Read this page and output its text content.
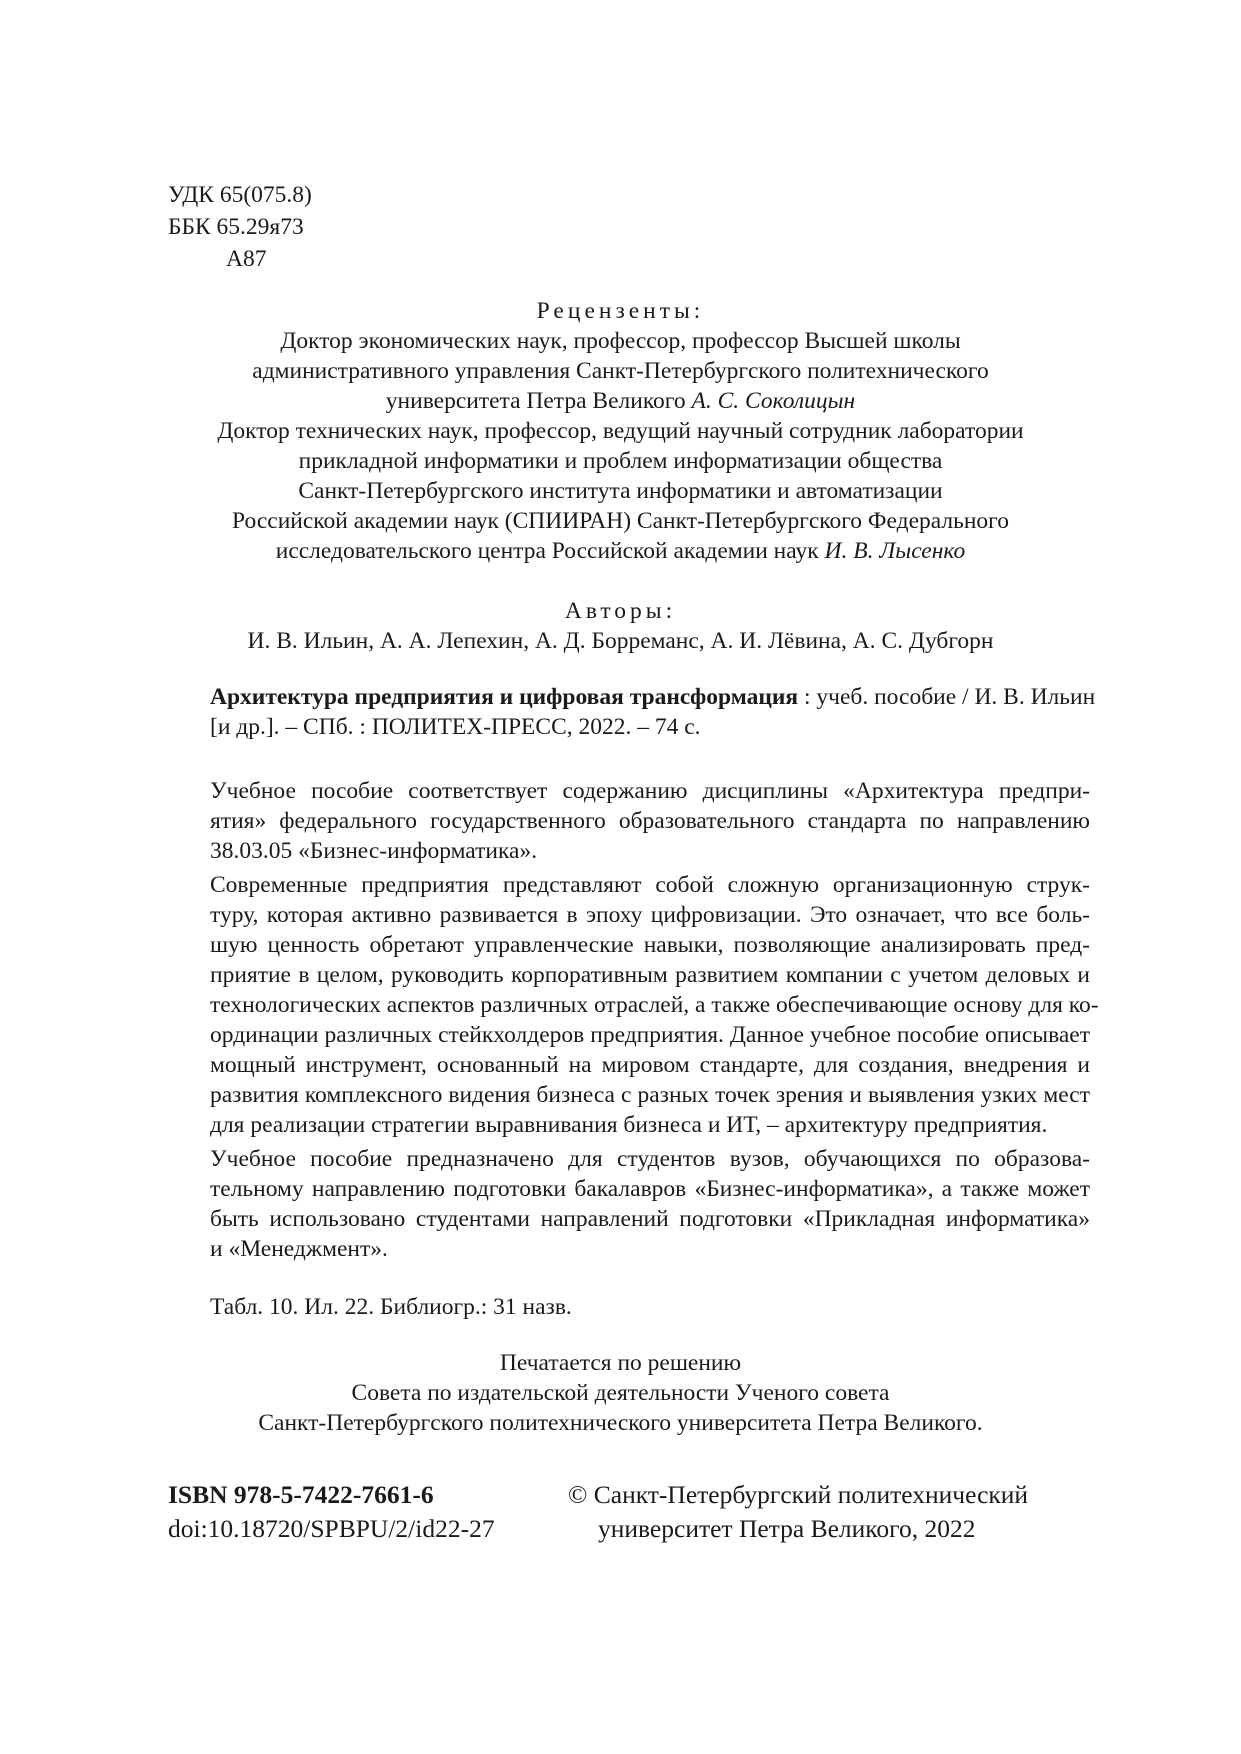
УДК 65(075.8)
ББК 65.29я73
А87
Рецензенты:
Доктор экономических наук, профессор, профессор Высшей школы
административного управления Санкт-Петербургского политехнического
университета Петра Великого А. С. Соколицын
Доктор технических наук, профессор, ведущий научный сотрудник лаборатории
прикладной информатики и проблем информатизации общества
Санкт-Петербургского института информатики и автоматизации
Российской академии наук (СПИИРАН) Санкт-Петербургского Федерального
исследовательского центра Российской академии наук И. В. Лысенко
Авторы:
И. В. Ильин, А. А. Лепехин, А. Д. Борреманс, А. И. Лёвина, А. С. Дубгорн
Архитектура предприятия и цифровая трансформация : учеб. пособие / И. В. Ильин
[и др.]. – СПб. : ПОЛИТЕХ-ПРЕСС, 2022. – 74 с.
Учебное пособие соответствует содержанию дисциплины «Архитектура предпри-
ятия» федерального государственного образовательного стандарта по направлению
38.03.05 «Бизнес-информатика».
Современные предприятия представляют собой сложную организационную струк-
туру, которая активно развивается в эпоху цифровизации. Это означает, что все боль-
шую ценность обретают управленческие навыки, позволяющие анализировать пред-
приятие в целом, руководить корпоративным развитием компании с учетом деловых и
технологических аспектов различных отраслей, а также обеспечивающие основу для ко-
ординации различных стейкхолдеров предприятия. Данное учебное пособие описывает
мощный инструмент, основанный на мировом стандарте, для создания, внедрения и
развития комплексного видения бизнеса с разных точек зрения и выявления узких мест
для реализации стратегии выравнивания бизнеса и ИТ, – архитектуру предприятия.
Учебное пособие предназначено для студентов вузов, обучающихся по образова-
тельному направлению подготовки бакалавров «Бизнес-информатика», а также может
быть использовано студентами направлений подготовки «Прикладная информатика»
и «Менеджмент».
Табл. 10. Ил. 22. Библиогр.: 31 назв.
Печатается по решению
Совета по издательской деятельности Ученого совета
Санкт-Петербургского политехнического университета Петра Великого.
ISBN 978-5-7422-7661-6
doi:10.18720/SPBPU/2/id22-27
© Санкт-Петербургский политехнический
университет Петра Великого, 2022
